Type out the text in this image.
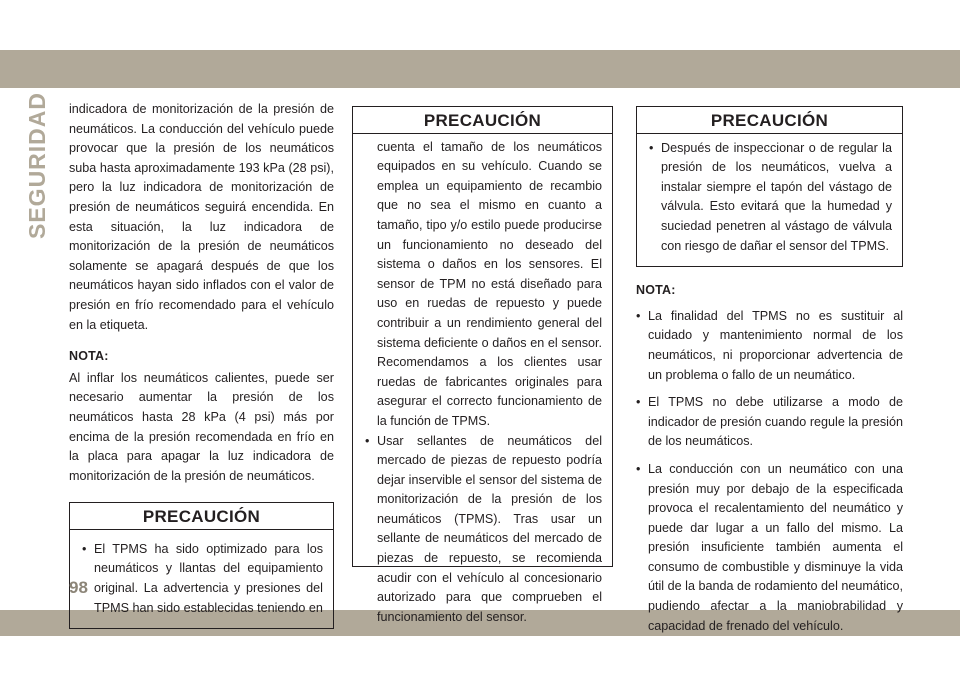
SEGURIDAD indicadora de monitorización de la presión de neumáticos. La conducción del vehículo puede provocar que la presión de los neumáticos suba hasta aproximadamente 193 kPa (28 psi), pero la luz indicadora de monitorización de presión de neumáticos seguirá encendida. En esta situación, la luz indicadora de monitorización de la presión de neumáticos solamente se apagará después de que los neumáticos hayan sido inflados con el valor de presión en frío recomendado para el vehículo en la etiqueta.

NOTA:

Al inflar los neumáticos calientes, puede ser necesario aumentar la presión de los neumáticos hasta 28 kPa (4 psi) más por encima de la presión recomendada en frío en la placa para apagar la luz indicadora de monitorización de la presión de neumáticos.

PRECAUCIÓN
• El TPMS ha sido optimizado para los neumáticos y llantas del equipamiento original. La advertencia y presiones del TPMS han sido establecidas teniendo en
PRECAUCIÓN

cuenta el tamaño de los neumáticos equipados en su vehículo. Cuando se emplea un equipamiento de recambio que no sea el mismo en cuanto a tamaño, tipo y/o estilo puede producirse un funcionamiento no deseado del sistema o daños en los sensores. El sensor de TPM no está diseñado para uso en ruedas de repuesto y puede contribuir a un rendimiento general del sistema deficiente o daños en el sensor. Recomendamos a los clientes usar ruedas de fabricantes originales para asegurar el correcto funcionamiento de la función de TPMS.

• Usar sellantes de neumáticos del mercado de piezas de repuesto podría dejar inservible el sensor del sistema de monitorización de la presión de los neumáticos (TPMS). Tras usar un sellante de neumáticos del mercado de piezas de repuesto, se recomienda acudir con el vehículo al concesionario autorizado para que comprueben el funcionamiento del sensor.
PRECAUCIÓN
• Después de inspeccionar o de regular la presión de los neumáticos, vuelva a instalar siempre el tapón del vástago de válvula. Esto evitará que la humedad y suciedad penetren al vástago de válvula con riesgo de dañar el sensor del TPMS.
NOTA:
• La finalidad del TPMS no es sustituir al cuidado y mantenimiento normal de los neumáticos, ni proporcionar advertencia de un problema o fallo de un neumático.
• El TPMS no debe utilizarse a modo de indicador de presión cuando regule la presión de los neumáticos.
• La conducción con un neumático con una presión muy por debajo de la especificada provoca el recalentamiento del neumático y puede dar lugar a un fallo del mismo. La presión insuficiente también aumenta el consumo de combustible y disminuye la vida útil de la banda de rodamiento del neumático, pudiendo afectar a la maniobrabilidad y capacidad de frenado del vehículo.
98
